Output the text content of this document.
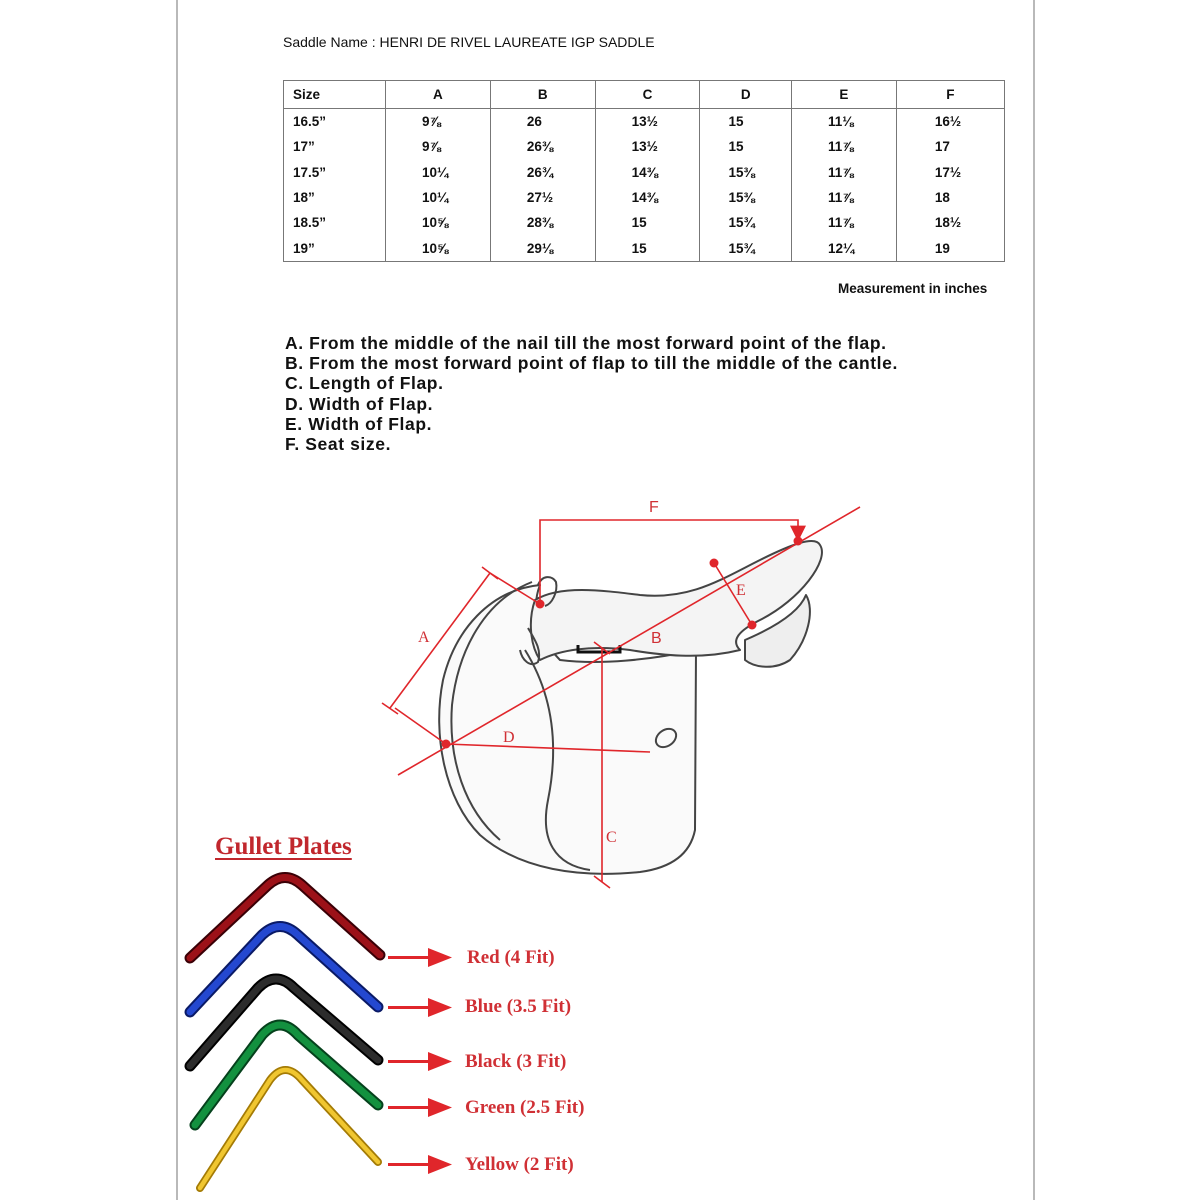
Saddle Name : HENRI DE RIVEL LAUREATE IGP SADDLE
Size	A	B	C	D	E	F
16.5”	9⅞	26	13½	15	11⅛	16½
17”	9⅞	26⅜	13½	15	11⅞	17
17.5”	10¼	26¾	14⅜	15⅜	11⅞	17½
18”	10¼	27½	14⅜	15⅜	11⅞	18
18.5”	10⅝	28⅜	15	15¾	11⅞	18½
19”	10⅝	29⅛	15	15¾	12¼	19
Measurement in inches
A. From the middle of the nail till the most forward point of the flap.
B. From the most forward point of flap to till the middle of the cantle.
C. Length of Flap.
D. Width of Flap.
E. Width of Flap.
F. Seat size.
A
D
C
E
F
B
Gullet Plates
Red (4 Fit)
Blue (3.5 Fit)
Black (3 Fit)
Green (2.5 Fit)
Yellow (2 Fit)
